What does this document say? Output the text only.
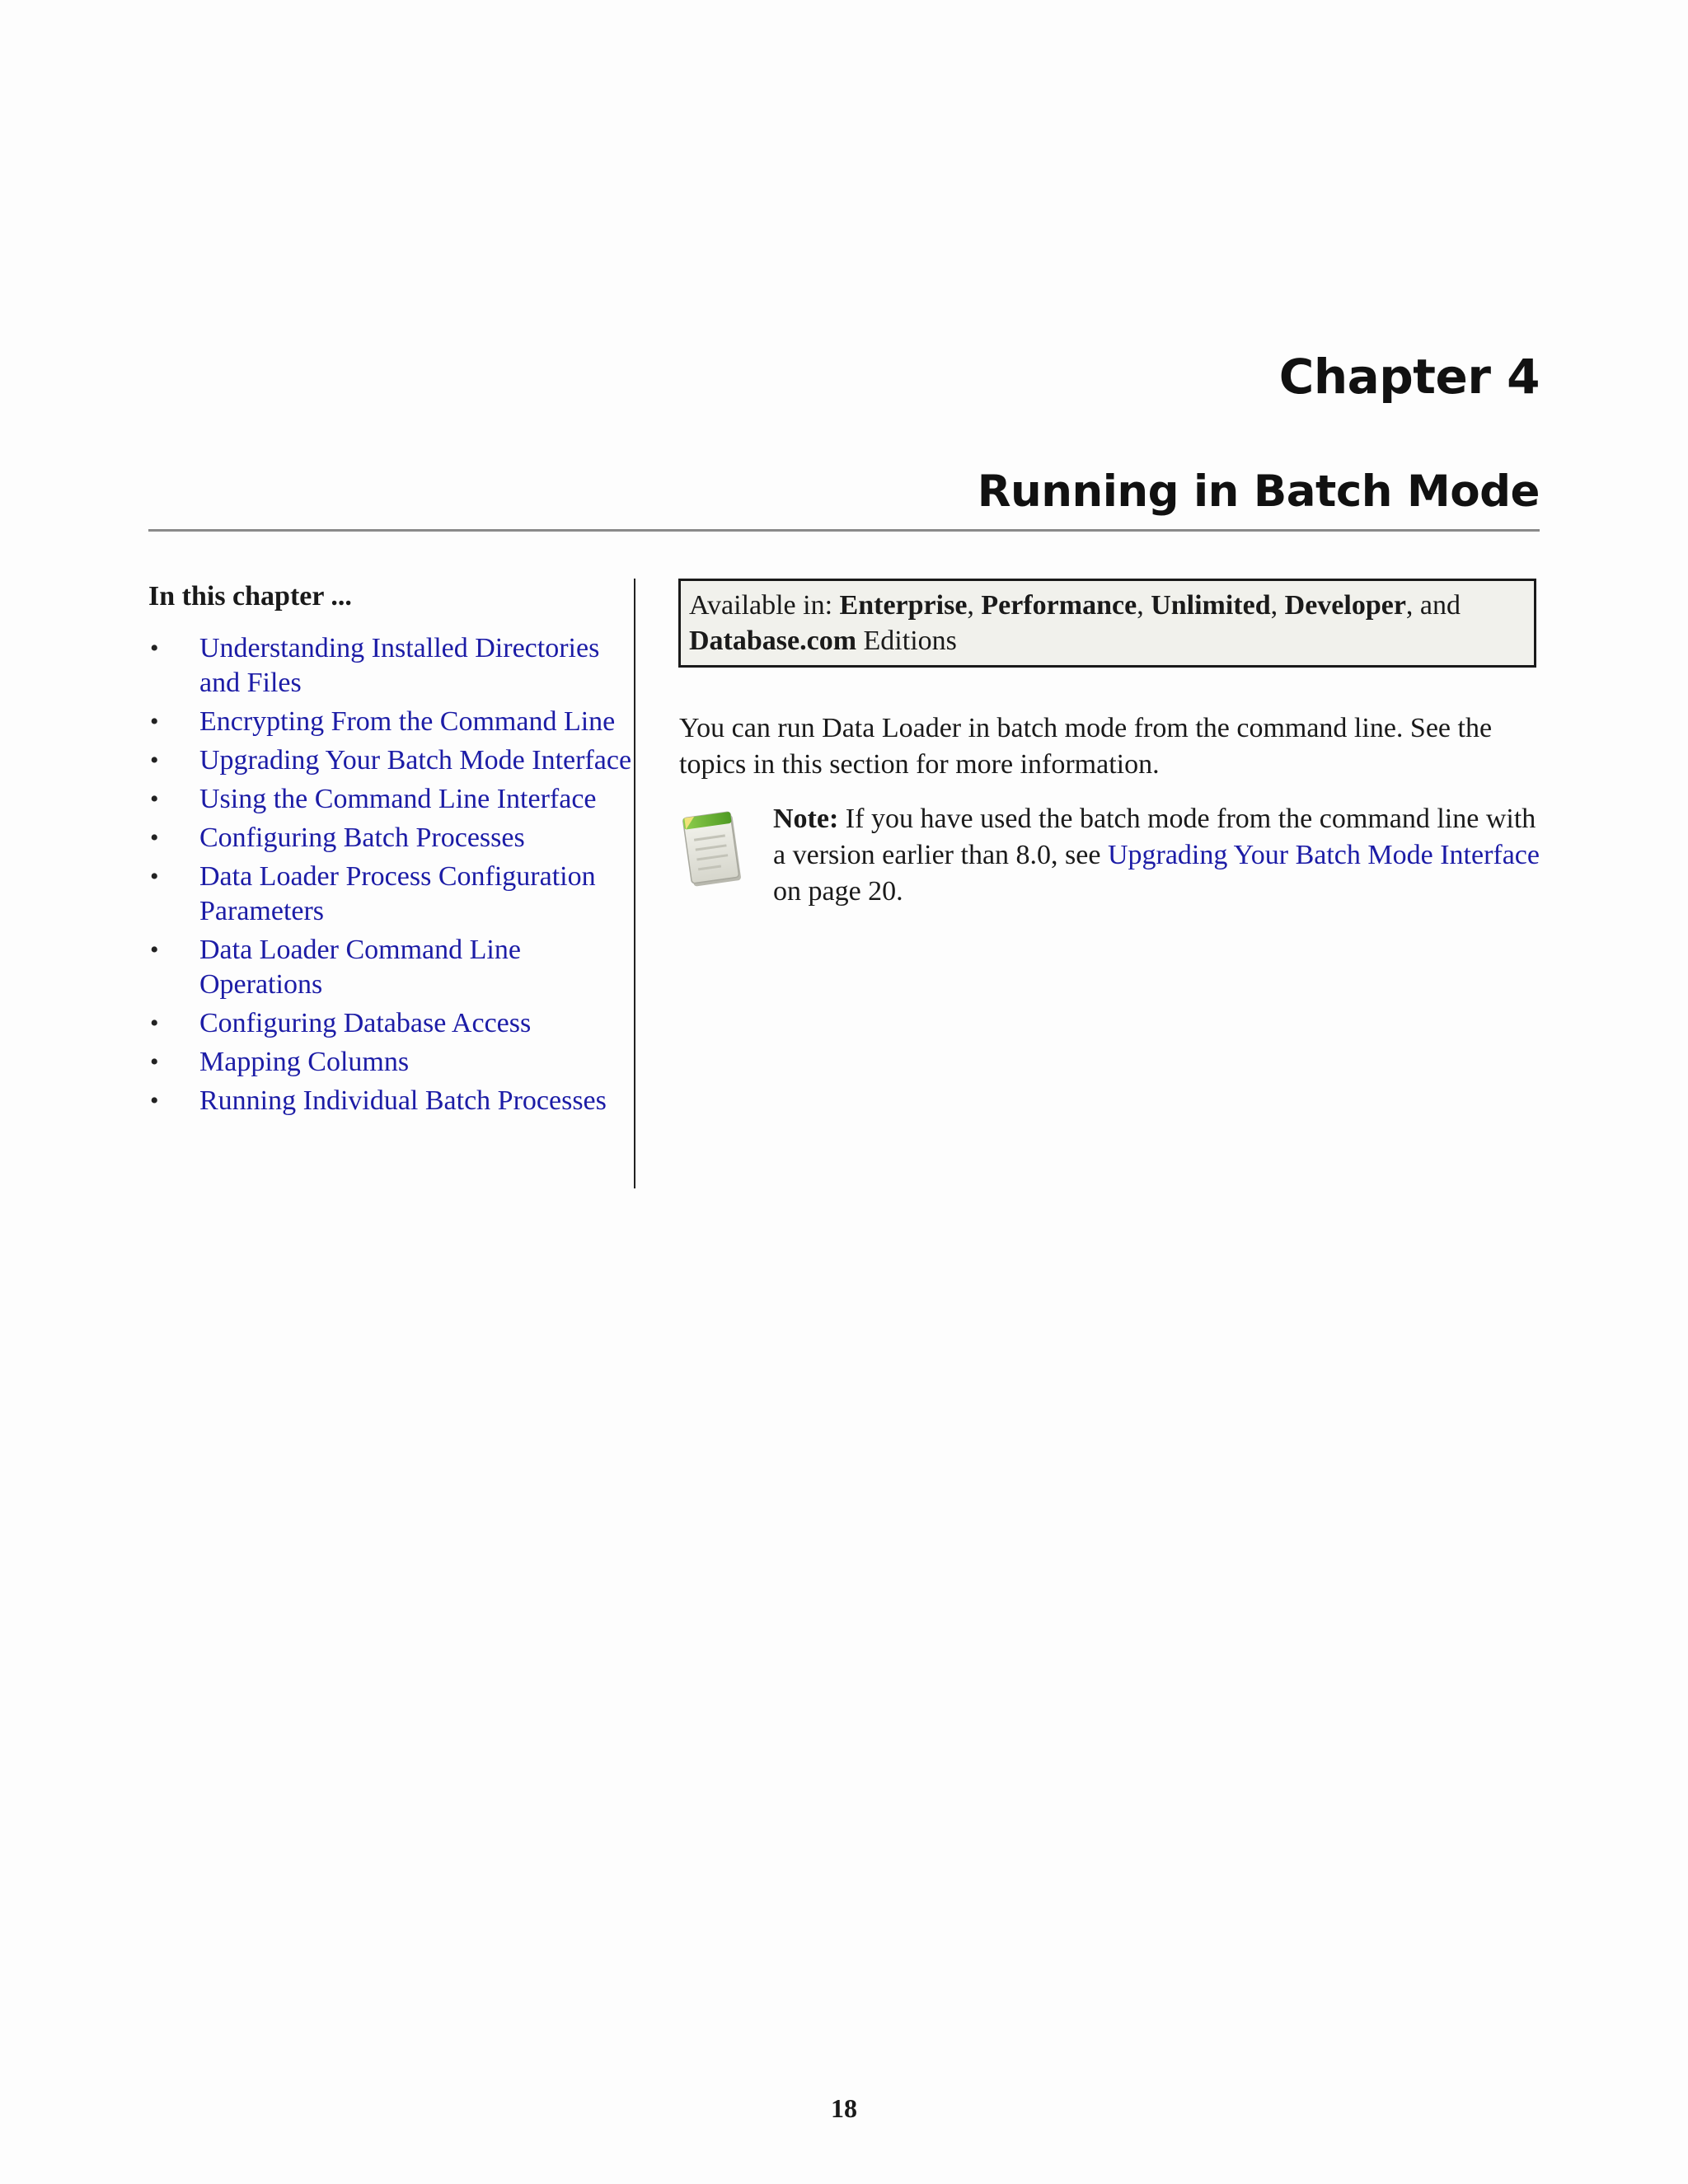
Chapter 4
Running in Batch Mode
In this chapter ...
• Understanding Installed Directories and Files
• Encrypting From the Command Line
• Upgrading Your Batch Mode Interface
• Using the Command Line Interface
• Configuring Batch Processes
• Data Loader Process Configuration Parameters
• Data Loader Command Line Operations
• Configuring Database Access
• Mapping Columns
• Running Individual Batch Processes
Available in: Enterprise, Performance, Unlimited, Developer, and Database.com Editions

You can run Data Loader in batch mode from the command line. See the topics in this section for more information.

Note: If you have used the batch mode from the command line with a version earlier than 8.0, see Upgrading Your Batch Mode Interface on page 20.

18
